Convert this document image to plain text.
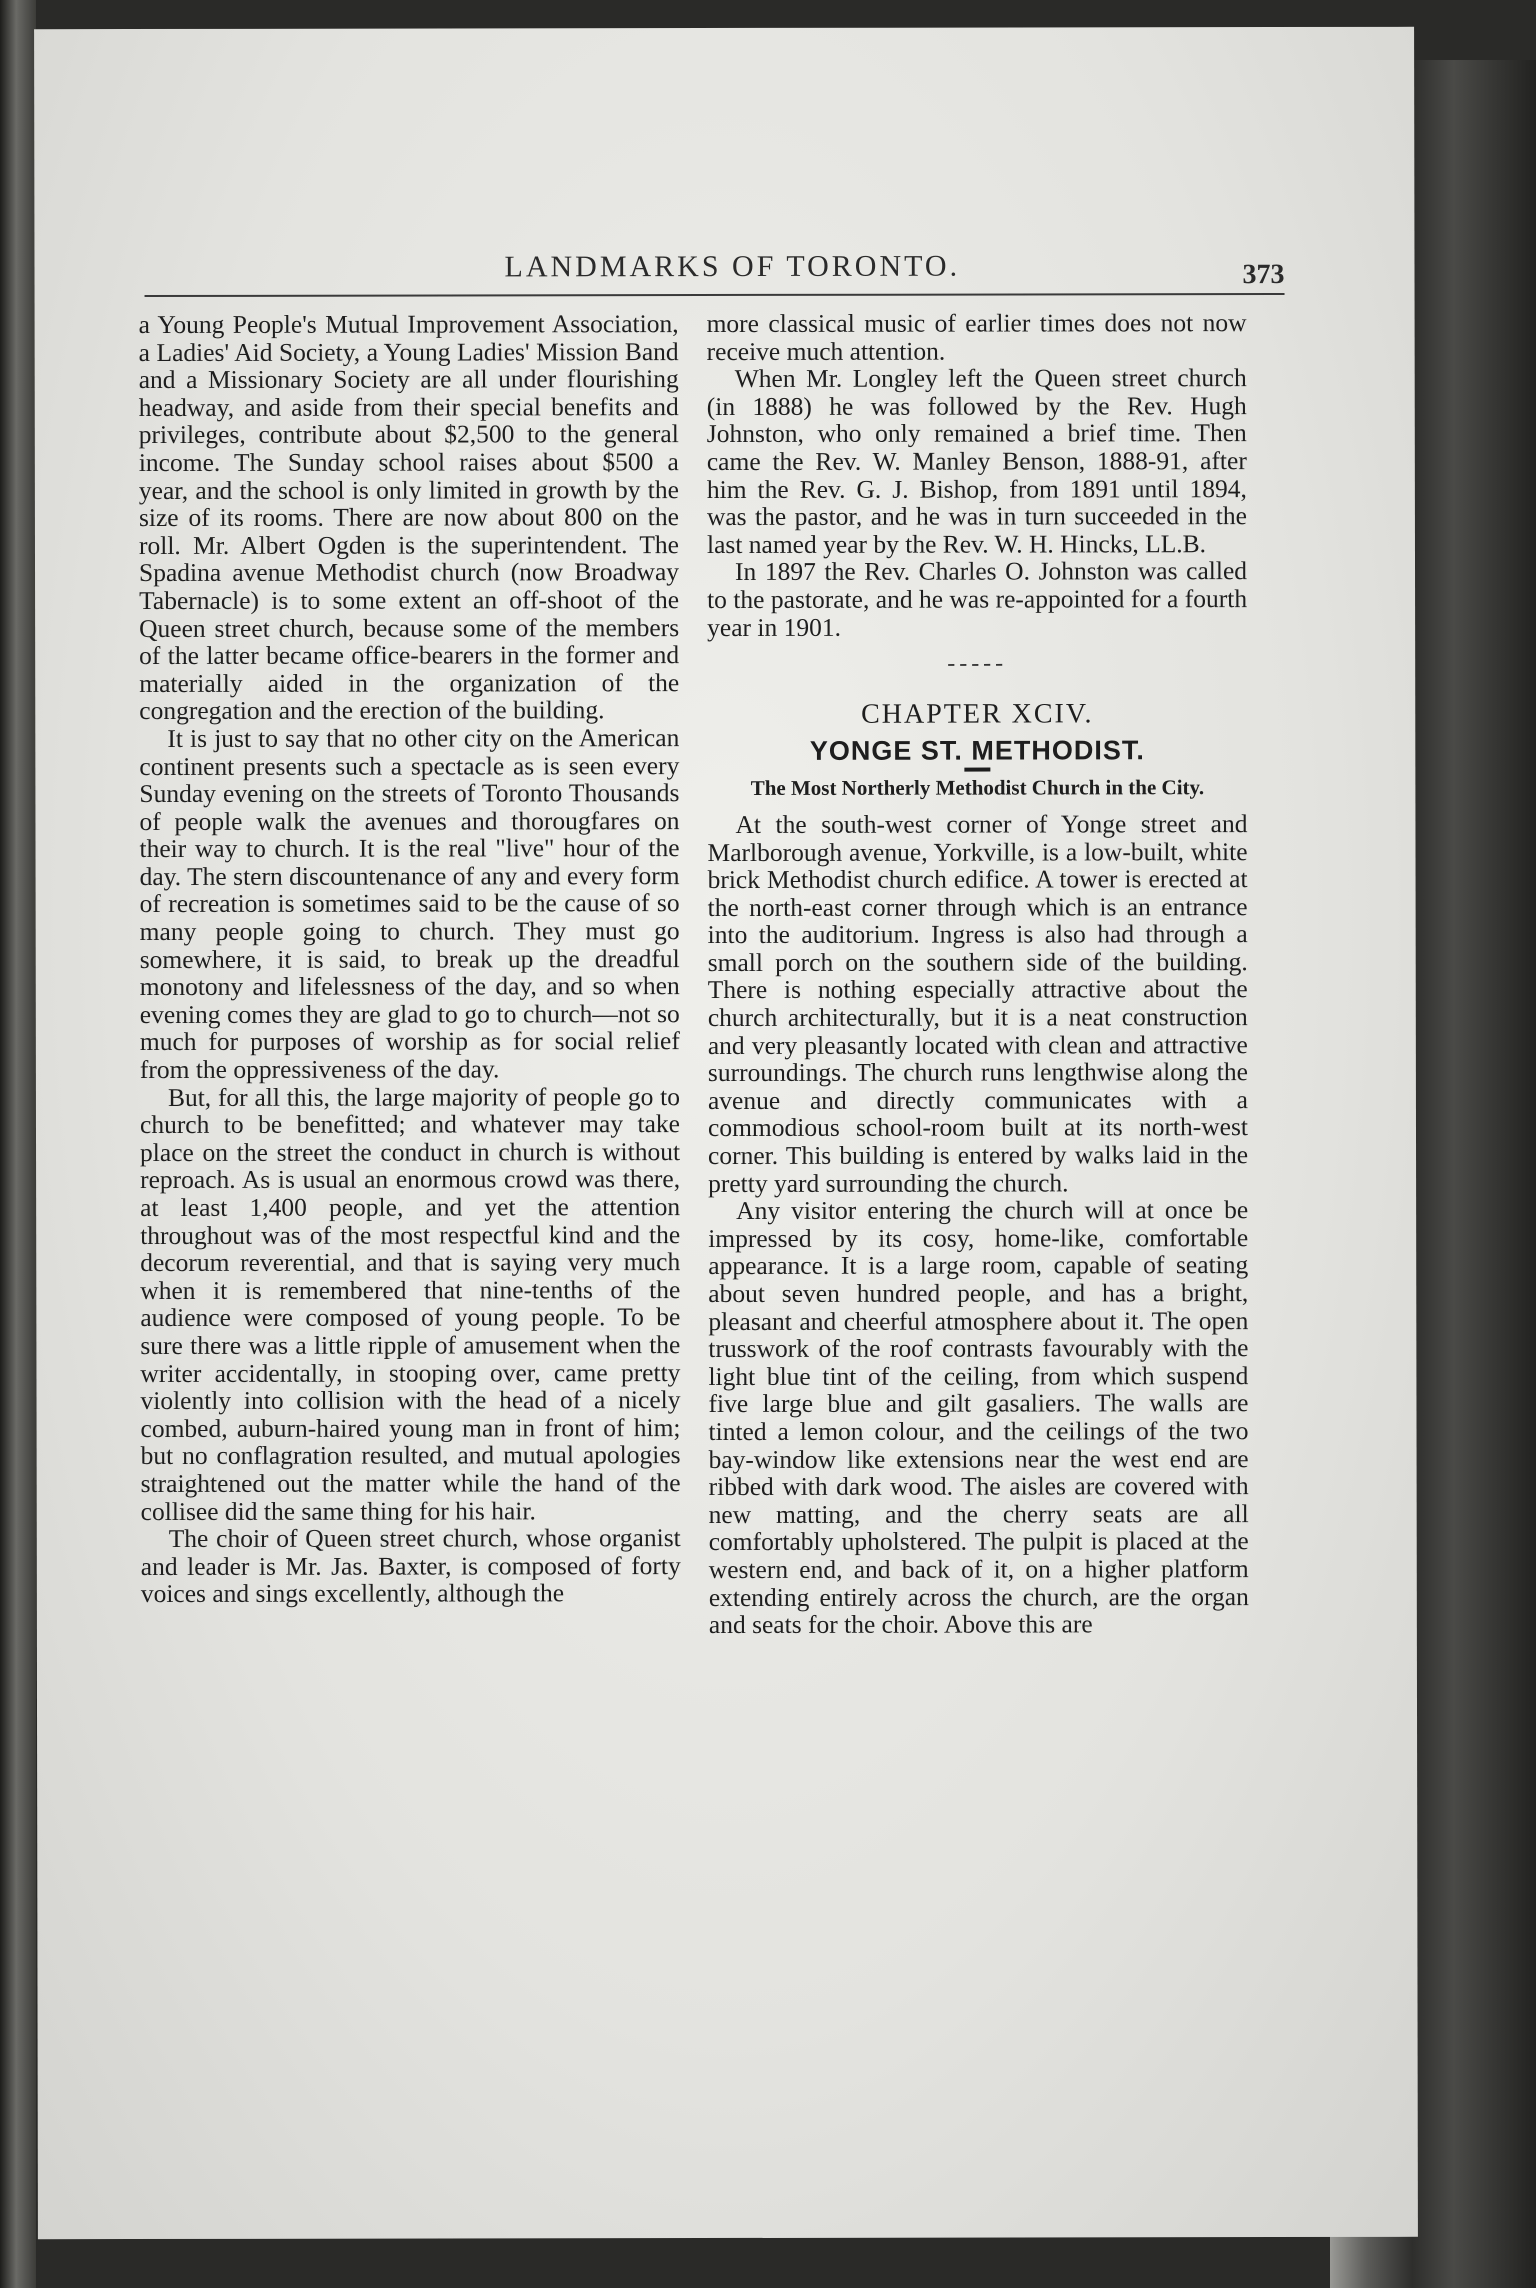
LANDMARKS OF TORONTO.	373

a Young People's Mutual Improvement Association, a Ladies' Aid Society, a Young Ladies' Mission Band and a Missionary Society are all under flourishing headway, and aside from their special benefits and privileges, contribute about $2,500 to the general income. The Sunday school raises about $500 a year, and the school is only limited in growth by the size of its rooms. There are now about 800 on the roll. Mr. Albert Ogden is the superintendent. The Spadina avenue Methodist church (now Broadway Tabernacle) is to some extent an off-shoot of the Queen street church, because some of the members of the latter became office-bearers in the former and materially aided in the organization of the congregation and the erection of the building.

It is just to say that no other city on the American continent presents such a spectacle as is seen every Sunday evening on the streets of Toronto Thousands of people walk the avenues and thorougfares on their way to church. It is the real "live" hour of the day. The stern discountenance of any and every form of recreation is sometimes said to be the cause of so many people going to church. They must go somewhere, it is said, to break up the dreadful monotony and lifelessness of the day, and so when evening comes they are glad to go to church—not so much for purposes of worship as for social relief from the oppressiveness of the day.

But, for all this, the large majority of people go to church to be benefitted; and whatever may take place on the street the conduct in church is without reproach. As is usual an enormous crowd was there, at least 1,400 people, and yet the attention throughout was of the most respectful kind and the decorum reverential, and that is saying very much when it is remembered that nine-tenths of the audience were composed of young people. To be sure there was a little ripple of amusement when the writer accidentally, in stooping over, came pretty violently into collision with the head of a nicely combed, auburn-haired young man in front of him; but no conflagration resulted, and mutual apologies straightened out the matter while the hand of the collisee did the same thing for his hair.

The choir of Queen street church, whose organist and leader is Mr. Jas. Baxter, is composed of forty voices and sings excellently, although the

more classical music of earlier times does not now receive much attention.

When Mr. Longley left the Queen street church (in 1888) he was followed by the Rev. Hugh Johnston, who only remained a brief time. Then came the Rev. W. Manley Benson, 1888-91, after him the Rev. G. J. Bishop, from 1891 until 1894, was the pastor, and he was in turn succeeded in the last named year by the Rev. W. H. Hincks, LL.B.

In 1897 the Rev. Charles O. Johnston was called to the pastorate, and he was re-appointed for a fourth year in 1901.

-----
CHAPTER XCIV.
YONGE ST. METHODIST.
The Most Northerly Methodist Church in the City.

At the south-west corner of Yonge street and Marlborough avenue, Yorkville, is a low-built, white brick Methodist church edifice. A tower is erected at the north-east corner through which is an entrance into the auditorium. Ingress is also had through a small porch on the southern side of the building. There is nothing especially attractive about the church architecturally, but it is a neat construction and very pleasantly located with clean and attractive surroundings. The church runs lengthwise along the avenue and directly communicates with a commodious school-room built at its north-west corner. This building is entered by walks laid in the pretty yard surrounding the church.

Any visitor entering the church will at once be impressed by its cosy, home-like, comfortable appearance. It is a large room, capable of seating about seven hundred people, and has a bright, pleasant and cheerful atmosphere about it. The open trusswork of the roof contrasts favourably with the light blue tint of the ceiling, from which suspend five large blue and gilt gasaliers. The walls are tinted a lemon colour, and the ceilings of the two bay-window like extensions near the west end are ribbed with dark wood. The aisles are covered with new matting, and the cherry seats are all comfortably upholstered. The pulpit is placed at the western end, and back of it, on a higher platform extending entirely across the church, are the organ and seats for the choir. Above this are
